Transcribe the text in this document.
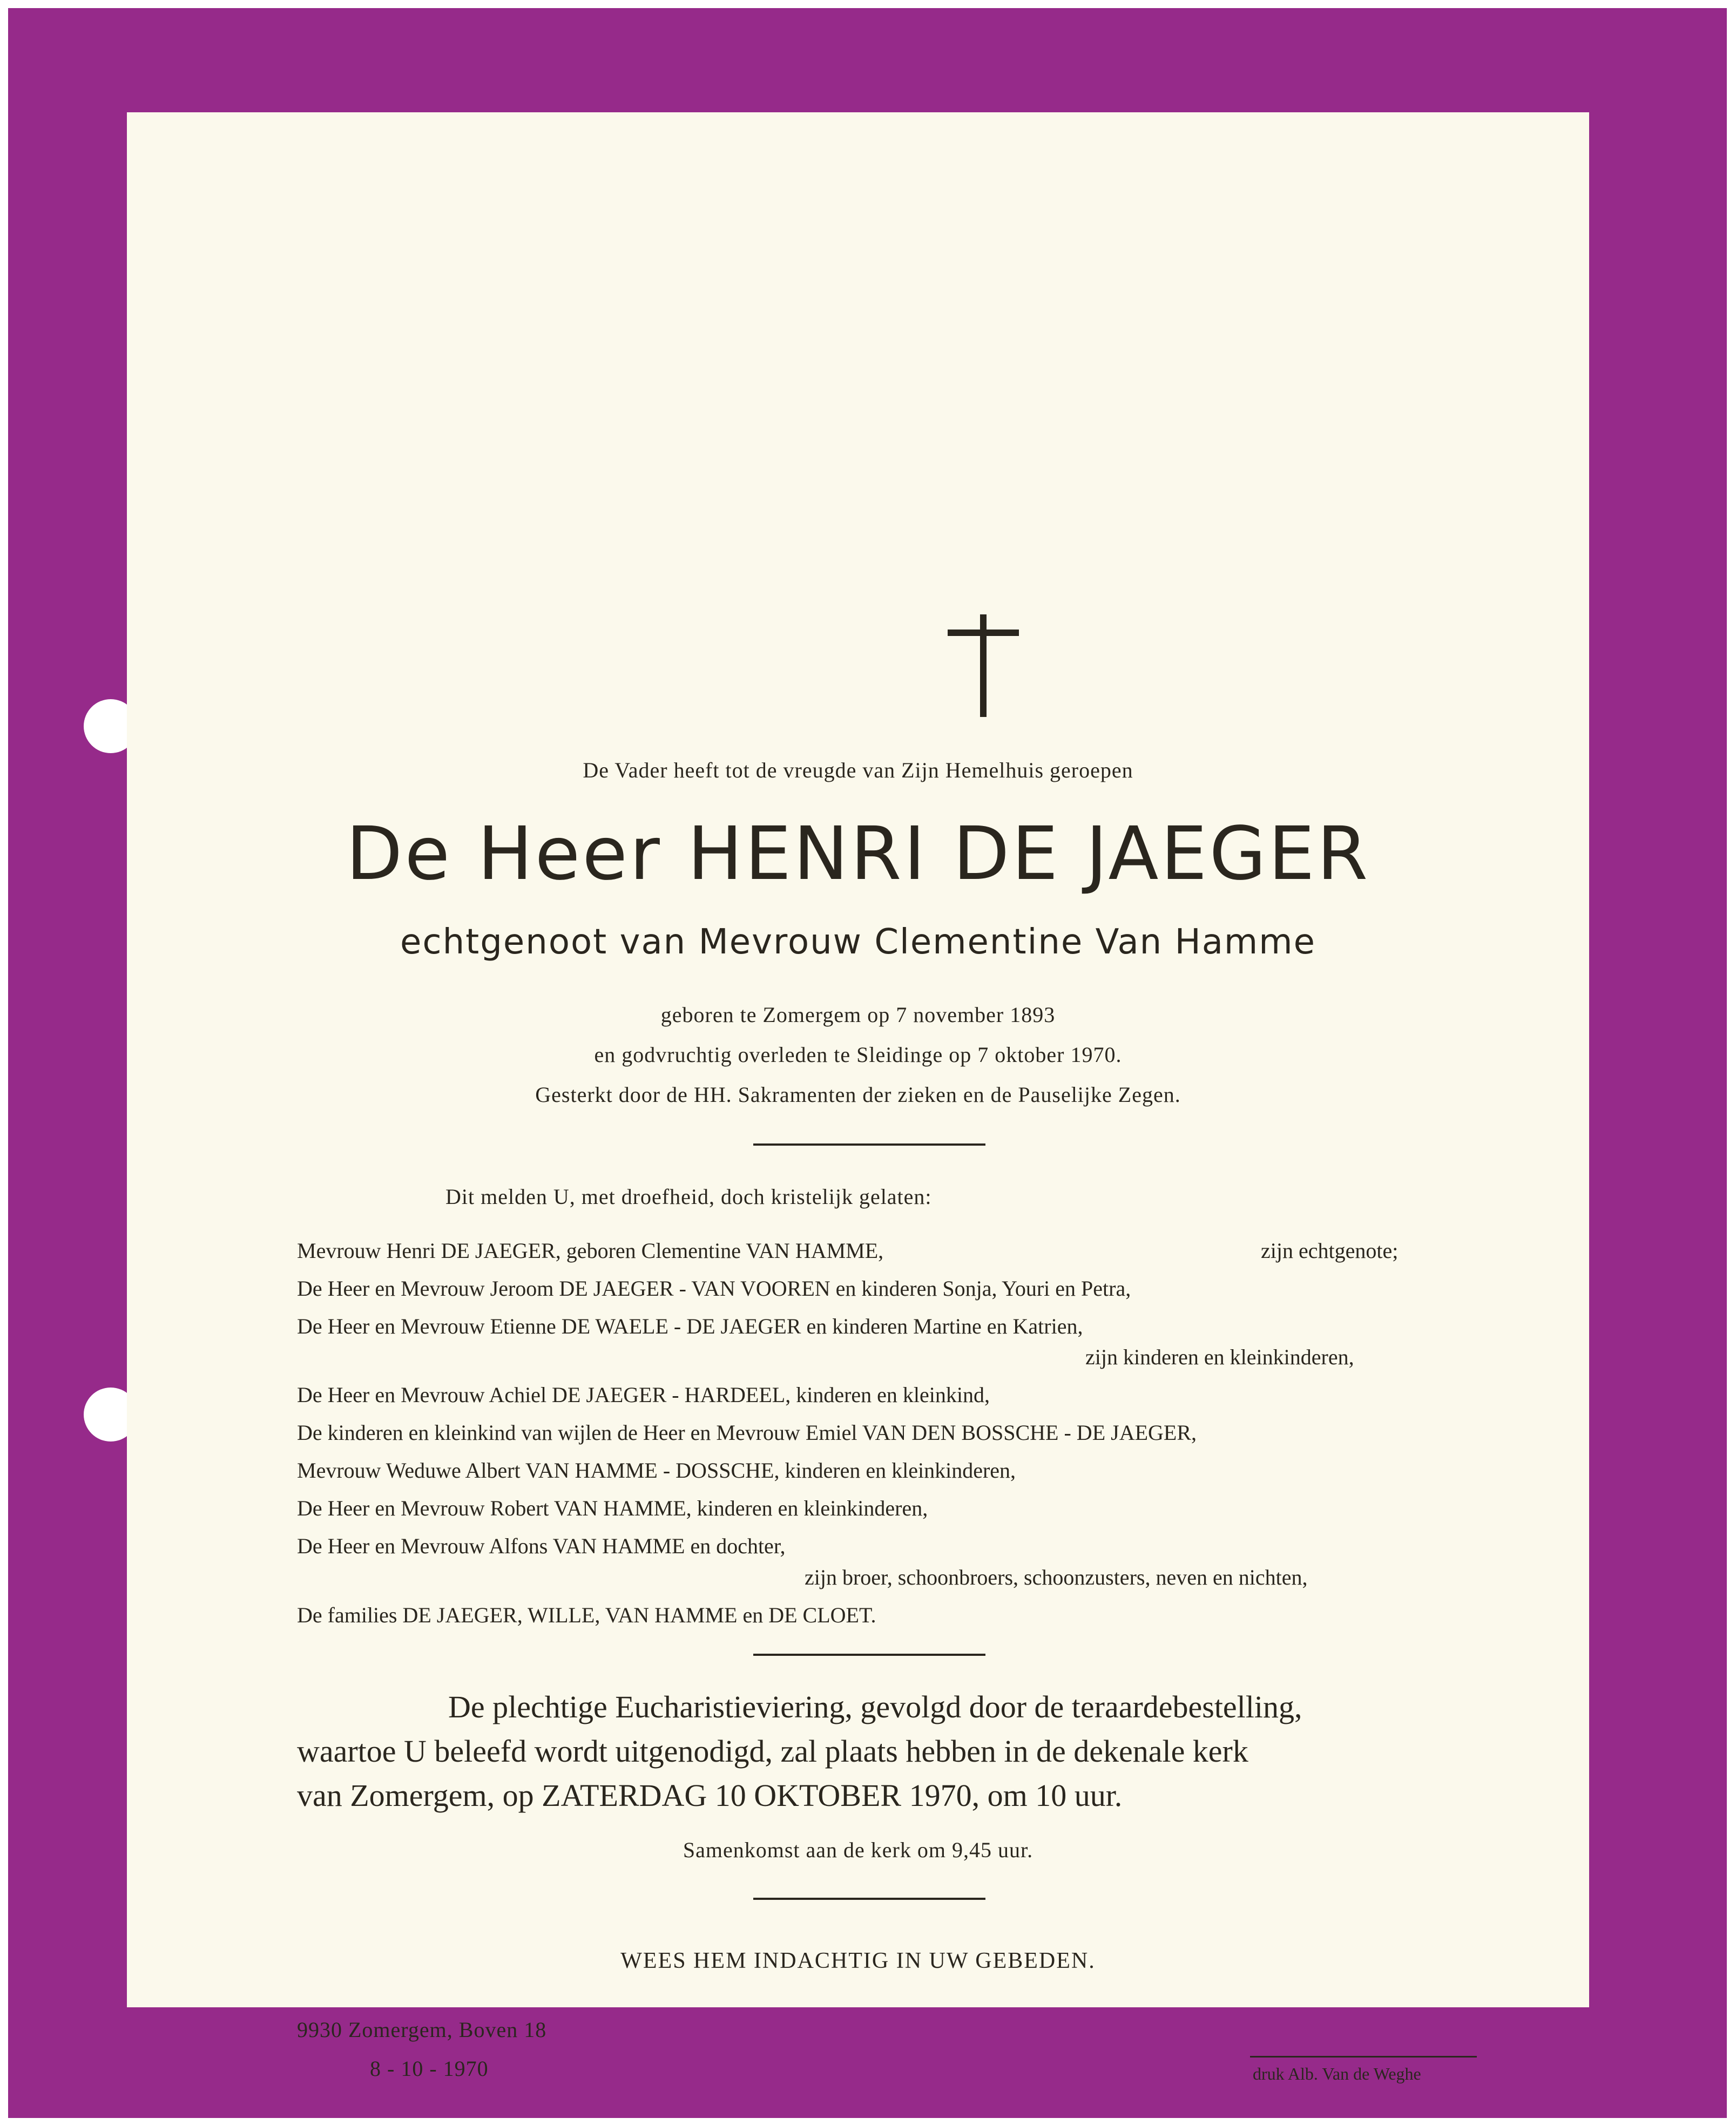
De Vader heeft tot de vreugde van Zijn Hemelhuis geroepen
De Heer HENRI DE JAEGER
echtgenoot van Mevrouw Clementine Van Hamme
geboren te Zomergem op 7 november 1893
en godvruchtig overleden te Sleidinge op 7 oktober 1970.
Gesterkt door de HH. Sakramenten der zieken en de Pauselijke Zegen.
Dit melden U, met droefheid, doch kristelijk gelaten:
Mevrouw Henri DE JAEGER, geboren Clementine VAN HAMME,	zijn echtgenote;
De Heer en Mevrouw Jeroom DE JAEGER - VAN VOOREN en kinderen Sonja, Youri en Petra,
De Heer en Mevrouw Etienne DE WAELE - DE JAEGER en kinderen Martine en Katrien,
zijn kinderen en kleinkinderen,
De Heer en Mevrouw Achiel DE JAEGER - HARDEEL, kinderen en kleinkind,
De kinderen en kleinkind van wijlen de Heer en Mevrouw Emiel VAN DEN BOSSCHE - DE JAEGER,
Mevrouw Weduwe Albert VAN HAMME - DOSSCHE, kinderen en kleinkinderen,
De Heer en Mevrouw Robert VAN HAMME, kinderen en kleinkinderen,
De Heer en Mevrouw Alfons VAN HAMME en dochter,
zijn broer, schoonbroers, schoonzusters, neven en nichten,
De families DE JAEGER, WILLE, VAN HAMME en DE CLOET.
De plechtige Eucharistieviering, gevolgd door de teraardebestelling,
waartoe U beleefd wordt uitgenodigd, zal plaats hebben in de dekenale kerk
van Zomergem, op ZATERDAG 10 OKTOBER 1970, om 10 uur.
Samenkomst aan de kerk om 9,45 uur.
WEES HEM INDACHTIG IN UW GEBEDEN.
9930 Zomergem, Boven 18
8 - 10 - 1970	druk Alb. Van de Weghe
